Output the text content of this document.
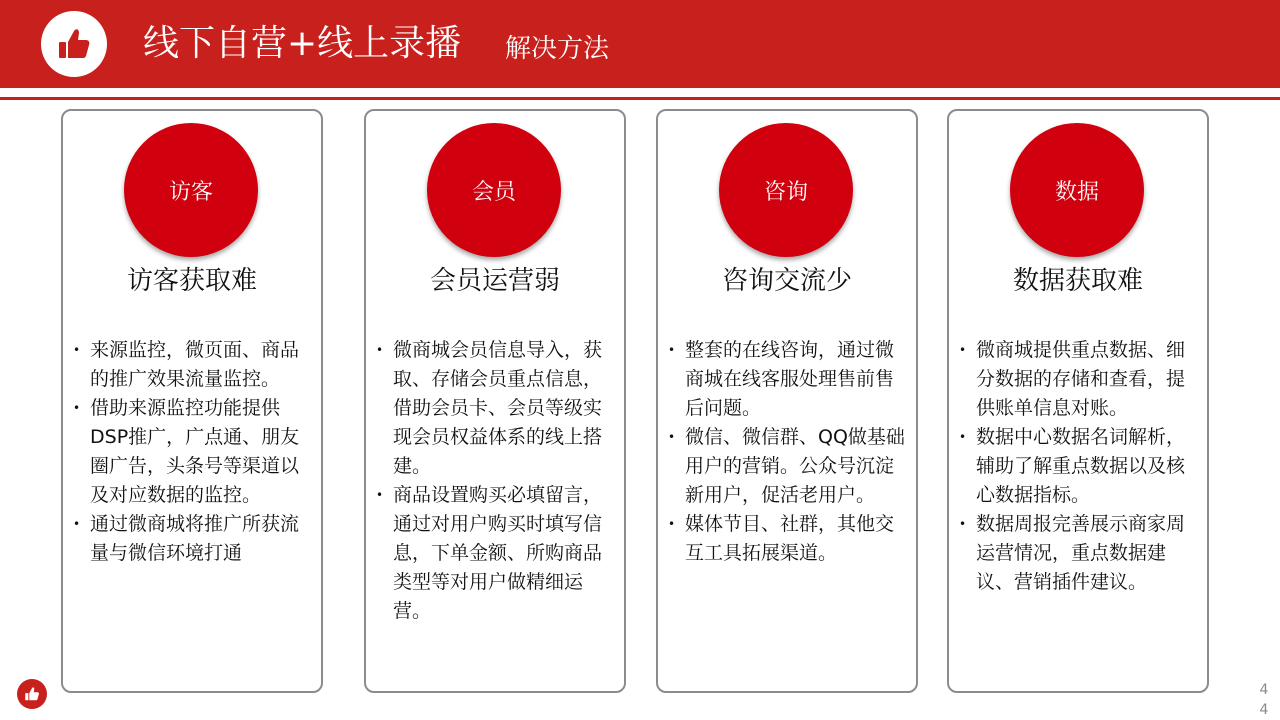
线下自营+线上录播 解决方法
访客
访客获取难
• 来源监控，微页面、商品的推广效果流量监控。
• 借助来源监控功能提供DSP推广，广点通、朋友圈广告，头条号等渠道以及对应数据的监控。
• 通过微商城将推广所获流量与微信环境打通
会员
会员运营弱
• 微商城会员信息导入，获取、存储会员重点信息，借助会员卡、会员等级实现会员权益体系的线上搭建。
• 商品设置购买必填留言，通过对用户购买时填写信息，下单金额、所购商品类型等对用户做精细运营。
咨询
咨询交流少
• 整套的在线咨询，通过微商城在线客服处理售前售后问题。
• 微信、微信群、QQ做基础用户的营销。公众号沉淀新用户，促活老用户。
• 媒体节目、社群，其他交互工具拓展渠道。
数据
数据获取难
• 微商城提供重点数据、细分数据的存储和查看，提供账单信息对账。
• 数据中心数据名词解析，辅助了解重点数据以及核心数据指标。
• 数据周报完善展示商家周运营情况，重点数据建议、营销插件建议。
44
